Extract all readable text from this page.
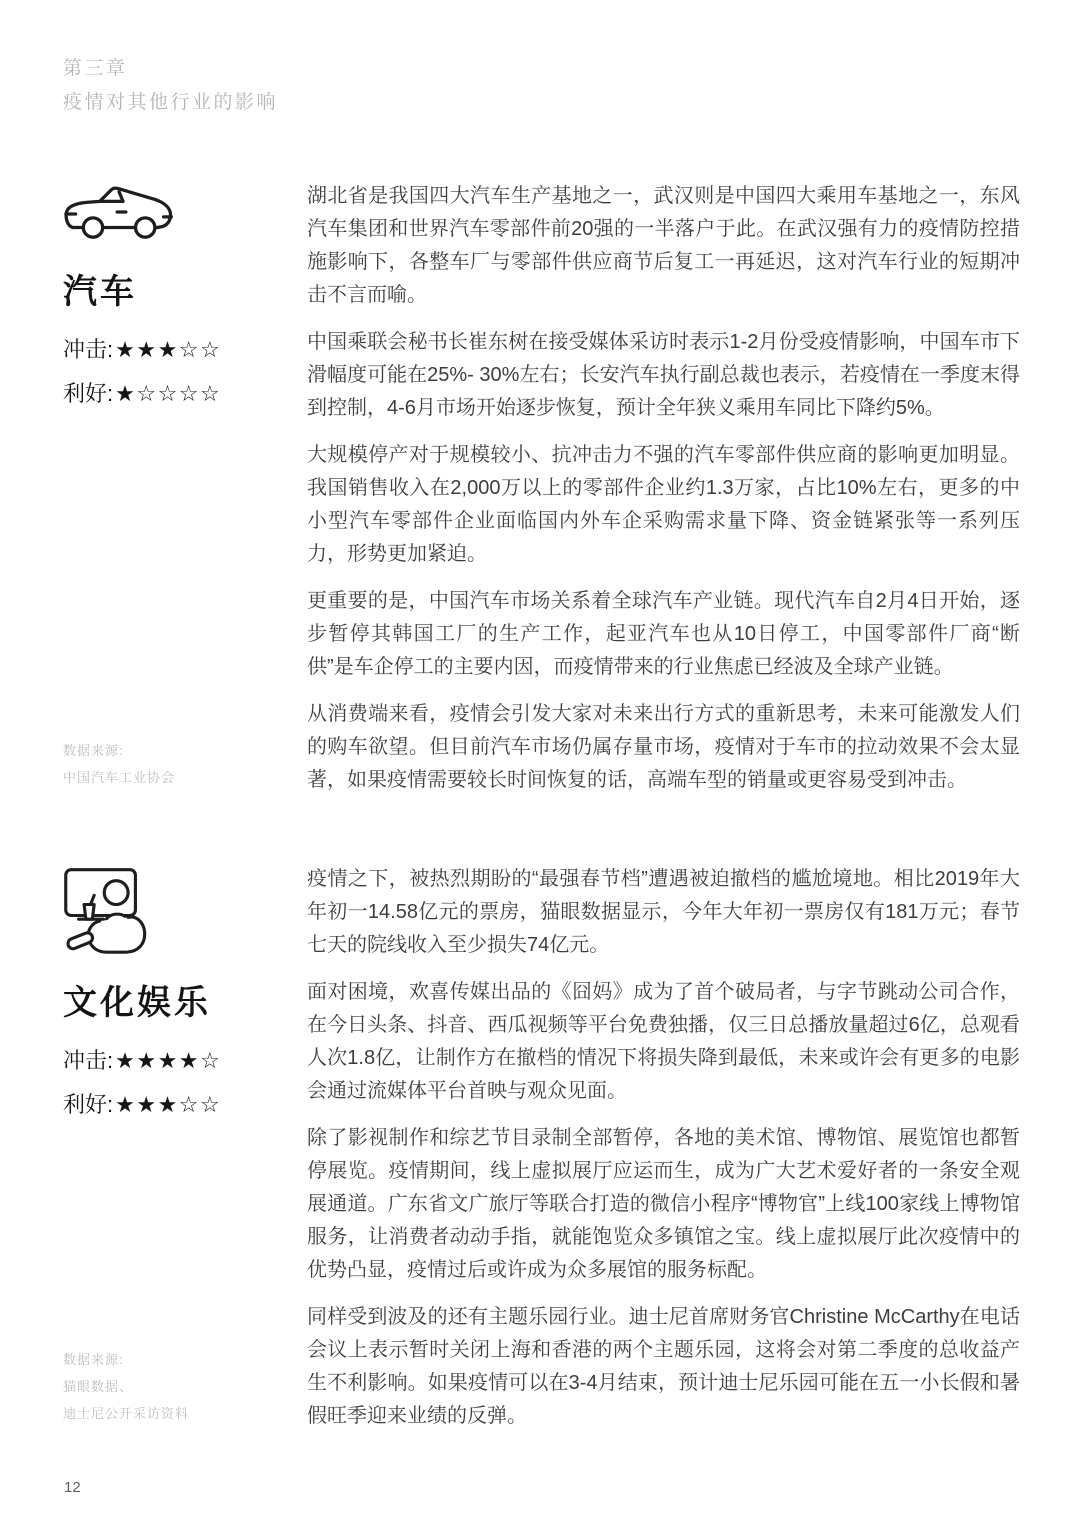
第三章
疫情对其他行业的影响
汽车
冲击:★★★☆☆
利好:★☆☆☆☆
数据来源:
中国汽车工业协会

湖北省是我国四大汽车生产基地之一，武汉则是中国四大乘用车基地之一，东风汽车集团和世界汽车零部件前20强的一半落户于此。在武汉强有力的疫情防控措施影响下，各整车厂与零部件供应商节后复工一再延迟，这对汽车行业的短期冲击不言而喻。

中国乘联会秘书长崔东树在接受媒体采访时表示1-2月份受疫情影响，中国车市下滑幅度可能在25%- 30%左右；长安汽车执行副总裁也表示，若疫情在一季度末得到控制，4-6月市场开始逐步恢复，预计全年狭义乘用车同比下降约5%。

大规模停产对于规模较小、抗冲击力不强的汽车零部件供应商的影响更加明显。我国销售收入在2,000万以上的零部件企业约1.3万家，占比10%左右，更多的中小型汽车零部件企业面临国内外车企采购需求量下降、资金链紧张等一系列压力，形势更加紧迫。

更重要的是，中国汽车市场关系着全球汽车产业链。现代汽车自2月4日开始，逐步暂停其韩国工厂的生产工作，起亚汽车也从10日停工，中国零部件厂商“断供”是车企停工的主要内因，而疫情带来的行业焦虑已经波及全球产业链。

从消费端来看，疫情会引发大家对未来出行方式的重新思考，未来可能激发人们的购车欲望。但目前汽车市场仍属存量市场，疫情对于车市的拉动效果不会太显著，如果疫情需要较长时间恢复的话，高端车型的销量或更容易受到冲击。

文化娱乐
冲击:★★★★☆
利好:★★★☆☆
数据来源:
猫眼数据、
迪士尼公开采访资料

疫情之下，被热烈期盼的“最强春节档”遭遇被迫撤档的尴尬境地。相比2019年大年初一14.58亿元的票房，猫眼数据显示，今年大年初一票房仅有181万元；春节七天的院线收入至少损失74亿元。

面对困境，欢喜传媒出品的《囧妈》成为了首个破局者，与字节跳动公司合作，在今日头条、抖音、西瓜视频等平台免费独播，仅三日总播放量超过6亿，总观看人次1.8亿，让制作方在撤档的情况下将损失降到最低，未来或许会有更多的电影会通过流媒体平台首映与观众见面。

除了影视制作和综艺节目录制全部暂停，各地的美术馆、博物馆、展览馆也都暂停展览。疫情期间，线上虚拟展厅应运而生，成为广大艺术爱好者的一条安全观展通道。广东省文广旅厅等联合打造的微信小程序“博物官”上线100家线上博物馆服务，让消费者动动手指，就能饱览众多镇馆之宝。线上虚拟展厅此次疫情中的优势凸显，疫情过后或许成为众多展馆的服务标配。

同样受到波及的还有主题乐园行业。迪士尼首席财务官Christine McCarthy在电话会议上表示暂时关闭上海和香港的两个主题乐园，这将会对第二季度的总收益产生不利影响。如果疫情可以在3-4月结束，预计迪士尼乐园可能在五一小长假和暑假旺季迎来业绩的反弹。

12
